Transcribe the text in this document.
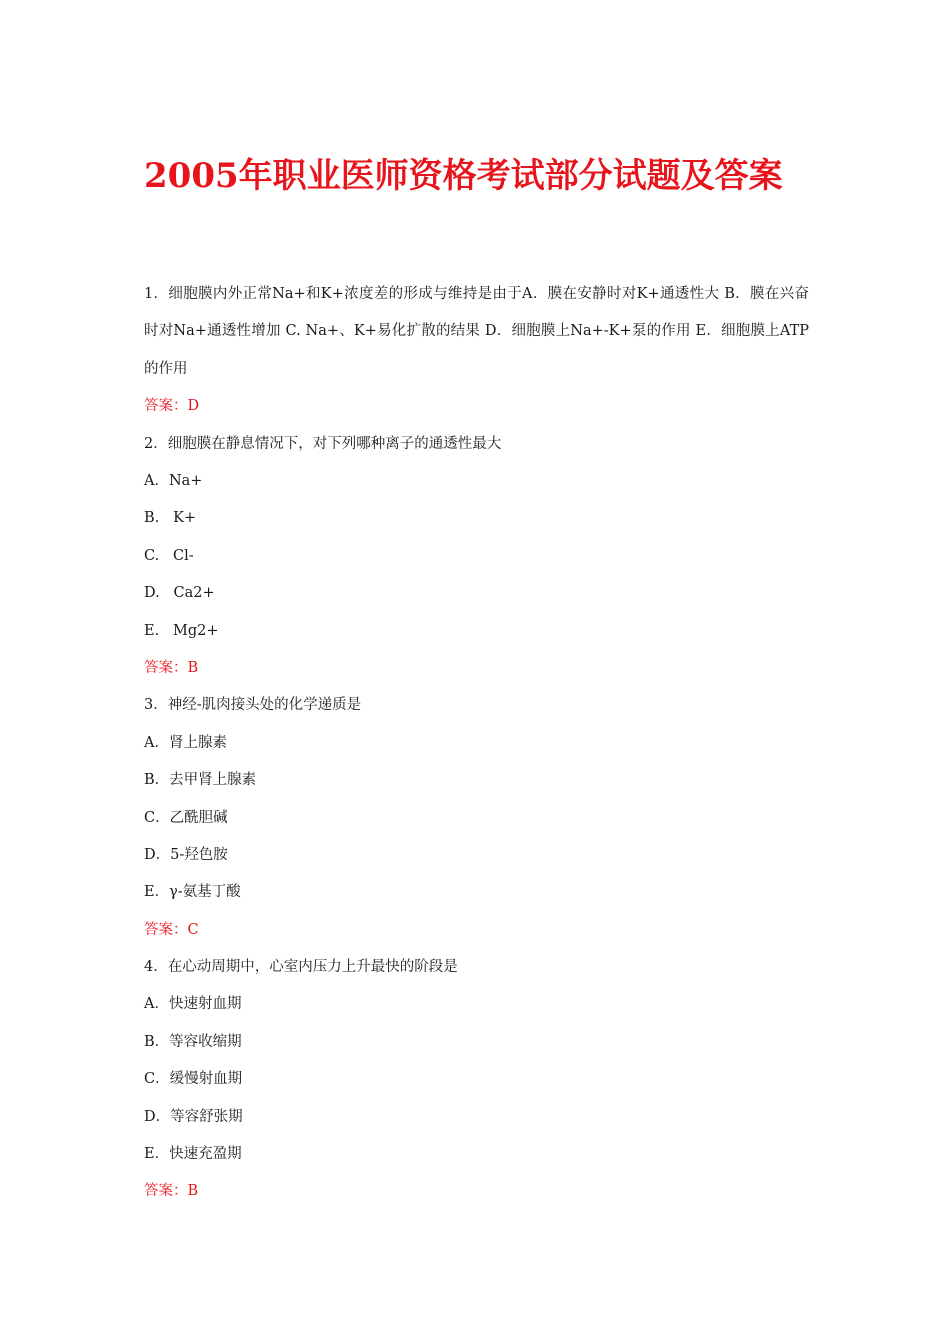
2005年职业医师资格考试部分试题及答案

1．细胞膜内外正常Na+和K+浓度差的形成与维持是由于A．膜在安静时对K+通透性大 B．膜在兴奋时对Na+通透性增加 C. Na+、K+易化扩散的结果 D．细胞膜上Na+-K+泵的作用 E．细胞膜上ATP的作用

答案：D
2．细胞膜在静息情况下，对下列哪种离子的通透性最大
A．Na+
B.   K+
C.   Cl-
D.   Ca2+
E.   Mg2+
答案：B
3．神经-肌肉接头处的化学递质是
A．肾上腺素
B．去甲肾上腺素
C．乙酰胆碱
D．5-羟色胺
E．γ-氨基丁酸
答案：C
4．在心动周期中，心室内压力上升最快的阶段是
A．快速射血期
B．等容收缩期
C．缓慢射血期
D．等容舒张期
E．快速充盈期
答案：B
